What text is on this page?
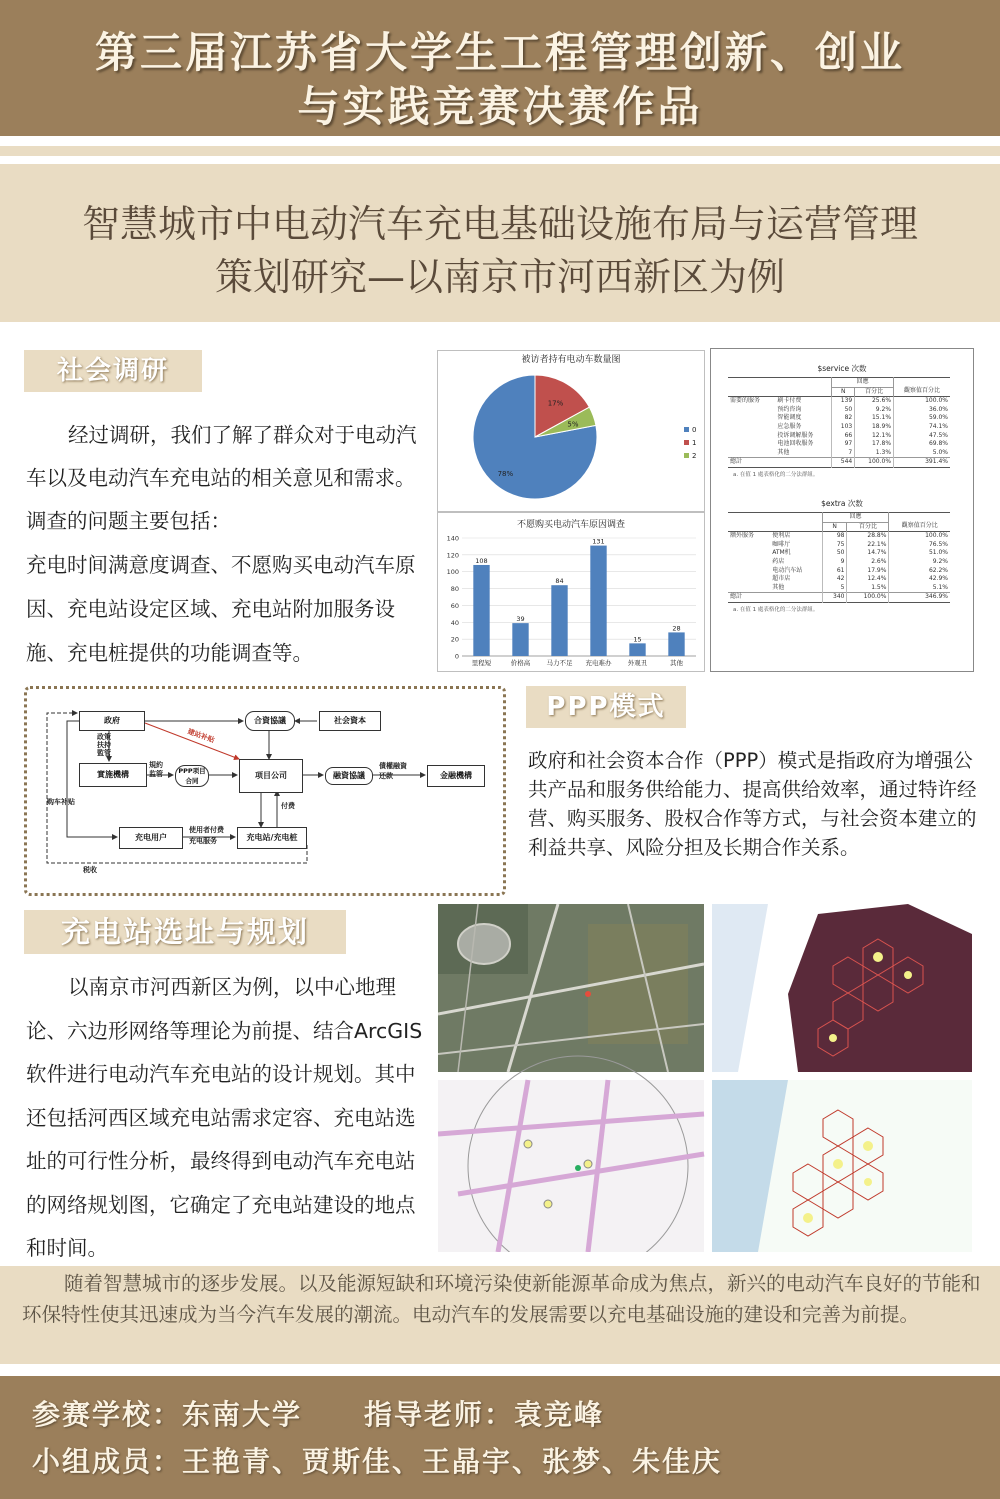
第三届江苏省大学生工程管理创新、创业
与实践竞赛决赛作品
智慧城市中电动汽车充电基础设施布局与运营管理
策划研究—以南京市河西新区为例
社会调研
经过调研，我们了解了群众对于电动汽车以及电动汽车充电站的相关意见和需求。调查的问题主要包括：
充电时间满意度调查、不愿购买电动汽车原因、充电站设定区域、充电站附加服务设施、充电桩提供的功能调查等。
被访者持有电动车数量图
78%
17%
5%
0
1
2
不愿购买电动汽车原因调查
0
20
40
60
80
100
120
140
108
里程短
39
价格高
84
马力不足
131
充电难办
15
外观丑
28
其他
$service 次数
		回應		
		N	百分比	觀察值百分比
需要的服务	刷卡付费	139	25.6%	100.0%
	预约咨询	50	9.2%	36.0%
	智能调度	82	15.1%	59.0%
	应急服务	103	18.9%	74.1%
	投诉调解服务	66	12.1%	47.5%
	电池回收服务	97	17.8%	69.8%
	其他	7	1.3%	5.0%
總計		544	100.0%	391.4%
a. 在值 1 處表格化的二分法群組。
$extra 次数
		回應		
		N	百分比	觀察值百分比
额外服务	便利店	98	28.8%	100.0%
	咖啡厅	75	22.1%	76.5%
	ATM机	50	14.7%	51.0%
	药店	9	2.6%	9.2%
	电动汽车站	61	17.9%	62.2%
	超市店	42	12.4%	42.9%
	其他	5	1.5%	5.1%
總計		340	100.0%	346.9%
a. 在值 1 處表格化的二分法群組。
政府	合資協議	社会資本
政策
扶持
監管
建站补贴
實施機構
規約
监管	PPP项目合同
项目公司	融資協議
債權融資
还款	金融機構
购车补贴
充电用户
使用者付费
充电服务	充电站/充电桩
付费
税收
PPP模式
政府和社会资本合作（PPP）模式是指政府为增强公共产品和服务供给能力、提高供给效率，通过特许经营、购买服务、股权合作等方式，与社会资本建立的利益共享、风险分担及长期合作关系。
充电站选址与规划
以南京市河西新区为例，以中心地理论、六边形网络等理论为前提、结合ArcGIS软件进行电动汽车充电站的设计规划。其中还包括河西区域充电站需求定容、充电站选址的可行性分析，最终得到电动汽车充电站的网络规划图，它确定了充电站建设的地点和时间。
随着智慧城市的逐步发展。以及能源短缺和环境污染使新能源革命成为焦点，新兴的电动汽车良好的节能和环保特性使其迅速成为当今汽车发展的潮流。电动汽车的发展需要以充电基础设施的建设和完善为前提。
参赛学校：东南大学 指导老师：袁竞峰
小组成员：王艳青、贾斯佳、王晶宇、张梦、朱佳庆
